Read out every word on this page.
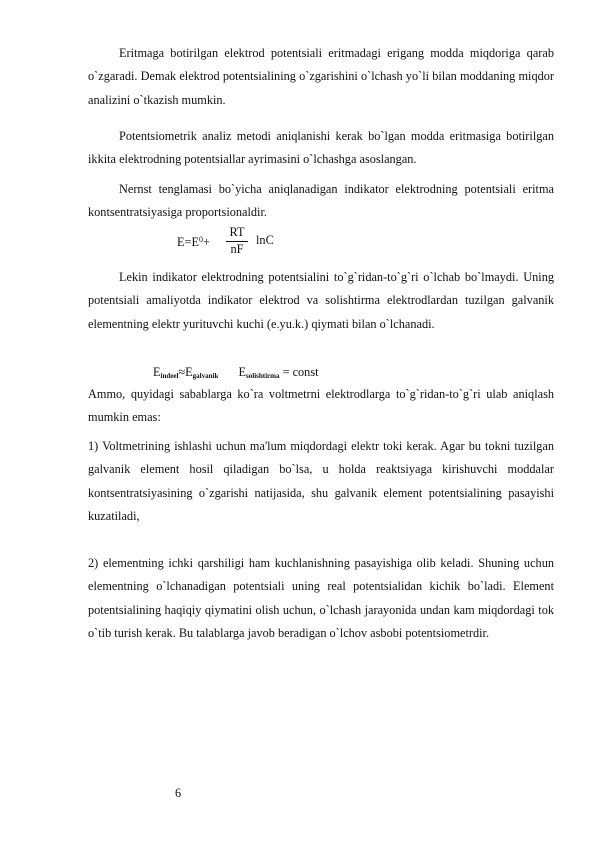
Eritmaga botirilgan elektrod potentsiali eritmadagi erigang modda miqdoriga qarab o`zgaradi. Demak elektrod potentsialining o`zgarishini o`lchash yo`li bilan moddaning miqdor analizini o`tkazish mumkin.
Potentsiometrik analiz metodi aniqlanishi kerak bo`lgan modda eritmasiga botirilgan ikkita elektrodning potentsiallar ayrimasini o`lchashga asoslangan.
Nernst tenglamasi bo`yicha aniqlanadigan indikator elektrodning potentsiali eritma kontsentratsiyasiga proportsionaldir.
$E=E^0+ \frac{RT}{nF}$ lnC
Lekin indikator elektrodning potentsialini to`g`ridan-to`g`ri o`lchab bo`lmaydi. Uning potentsiali amaliyotda indikator elektrod va solishtirma elektrodlardan tuzilgan galvanik elementning elektr yurituvchi kuchi (e.yu.k.) qiymati bilan o`lchanadi.
$E_{indeel}\approx E_{galvanik}$ $E_{solishtirma}$ = const
Ammo, quyidagi sabablarga ko`ra voltmetrni elektrodlarga to`g`ridan-to`g`ri ulab aniqlash mumkin emas:
1) Voltmetrining ishlashi uchun ma'lum miqdordagi elektr toki kerak. Agar bu tokni tuzilgan galvanik element hosil qiladigan bo`lsa, u holda reaktsiyaga kirishuvchi moddalar kontsentratsiyasining o`zgarishi natijasida, shu galvanik element potentsialining pasayishi kuzatiladi,
2) elementning ichki qarshiligi ham kuchlanishning pasayishiga olib keladi. Shuning uchun elementning o`lchanadigan potentsiali uning real potentsialidan kichik bo`ladi. Element potentsialining haqiqiy qiymatini olish uchun, o`lchash jarayonida undan kam miqdordagi tok o`tib turish kerak. Bu talablarga javob beradigan o`lchov asbobi potentsiometrdir.
6
